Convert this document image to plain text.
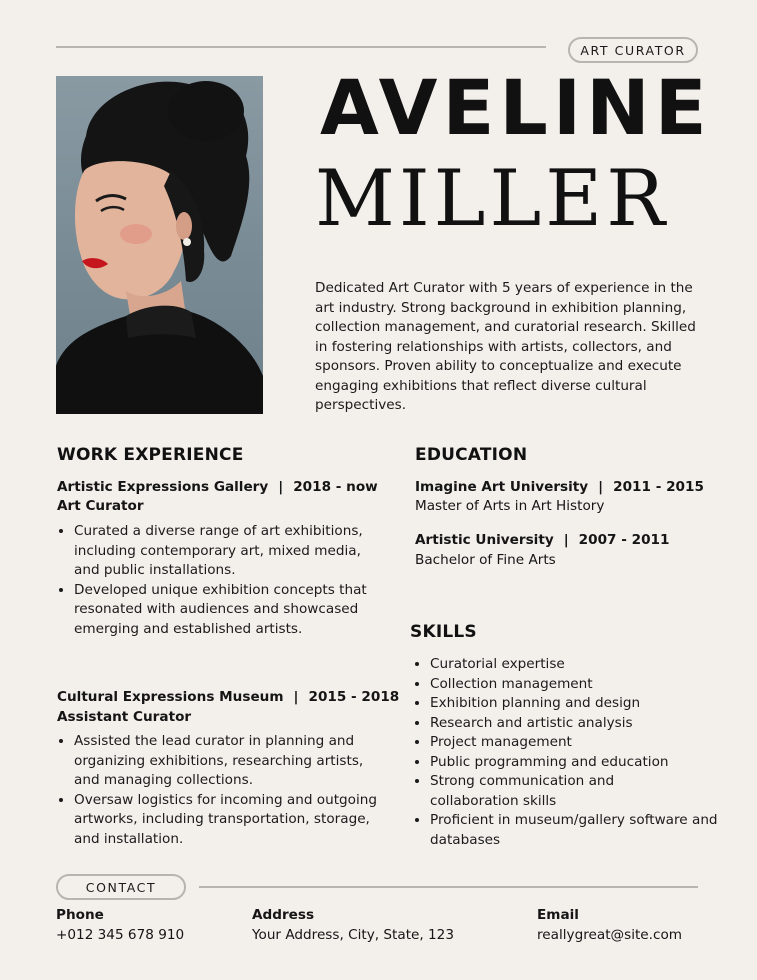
ART CURATOR
AVELINE
MILLER
Dedicated Art Curator with 5 years of experience in the art industry. Strong background in exhibition planning, collection management, and curatorial research. Skilled in fostering relationships with artists, collectors, and sponsors. Proven ability to conceptualize and execute engaging exhibitions that reflect diverse cultural perspectives.
WORK EXPERIENCE
Artistic Expressions Gallery | 2018 - now
Art Curator
• Curated a diverse range of art exhibitions, including contemporary art, mixed media, and public installations.
• Developed unique exhibition concepts that resonated with audiences and showcased emerging and established artists.
Cultural Expressions Museum | 2015 - 2018
Assistant Curator
• Assisted the lead curator in planning and organizing exhibitions, researching artists, and managing collections.
• Oversaw logistics for incoming and outgoing artworks, including transportation, storage, and installation.
EDUCATION
Imagine Art University | 2011 - 2015
Master of Arts in Art History
Artistic University | 2007 - 2011
Bachelor of Fine Arts
SKILLS
• Curatorial expertise
• Collection management
• Exhibition planning and design
• Research and artistic analysis
• Project management
• Public programming and education
• Strong communication and collaboration skills
• Proficient in museum/gallery software and databases
CONTACT
Phone
+012 345 678 910
Address
Your Address, City, State, 123
Email
reallygreat@site.com
